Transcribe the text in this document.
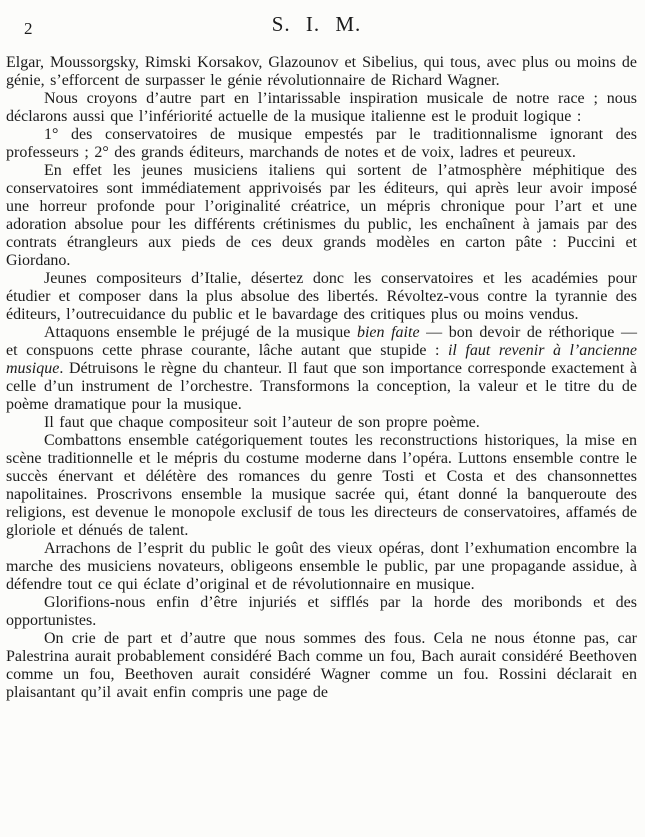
2	S. I. M.

Elgar, Moussorgsky, Rimski Korsakov, Glazounov et Sibelius, qui tous, avec plus ou moins de génie, s’efforcent de surpasser le génie révolutionnaire de Richard Wagner.

Nous croyons d’autre part en l’intarissable inspiration musicale de notre race ; nous déclarons aussi que l’infériorité actuelle de la musique italienne est le produit logique :

1° des conservatoires de musique empestés par le traditionnalisme ignorant des professeurs ; 2° des grands éditeurs, marchands de notes et de voix, ladres et peureux.

En effet les jeunes musiciens italiens qui sortent de l’atmosphère méphitique des conservatoires sont immédiatement apprivoisés par les éditeurs, qui après leur avoir imposé une horreur profonde pour l’originalité créatrice, un mépris chronique pour l’art et une adoration absolue pour les différents crétinismes du public, les enchaînent à jamais par des contrats étrangleurs aux pieds de ces deux grands modèles en carton pâte : Puccini et Giordano.

Jeunes compositeurs d’Italie, désertez donc les conservatoires et les académies pour étudier et composer dans la plus absolue des libertés. Révoltez-vous contre la tyrannie des éditeurs, l’outrecuidance du public et le bavardage des critiques plus ou moins vendus.

Attaquons ensemble le préjugé de la musique bien faite — bon devoir de réthorique — et conspuons cette phrase courante, lâche autant que stupide : il faut revenir à l’ancienne musique. Détruisons le règne du chanteur. Il faut que son importance corresponde exactement à celle d’un instrument de l’orchestre. Transformons la conception, la valeur et le titre du de poème dramatique pour la musique.

Il faut que chaque compositeur soit l’auteur de son propre poème.

Combattons ensemble catégoriquement toutes les reconstructions historiques, la mise en scène traditionnelle et le mépris du costume moderne dans l’opéra. Luttons ensemble contre le succès énervant et délétère des romances du genre Tosti et Costa et des chansonnettes napolitaines. Proscrivons ensemble la musique sacrée qui, étant donné la banqueroute des religions, est devenue le monopole exclusif de tous les directeurs de conservatoires, affamés de gloriole et dénués de talent.

Arrachons de l’esprit du public le goût des vieux opéras, dont l’exhumation encombre la marche des musiciens novateurs, obligeons ensemble le public, par une propagande assidue, à défendre tout ce qui éclate d’original et de révolutionnaire en musique.

Glorifions-nous enfin d’être injuriés et sifflés par la horde des moribonds et des opportunistes.

On crie de part et d’autre que nous sommes des fous. Cela ne nous étonne pas, car Palestrina aurait probablement considéré Bach comme un fou, Bach aurait considéré Beethoven comme un fou, Beethoven aurait considéré Wagner comme un fou. Rossini déclarait en plaisantant qu’il avait enfin compris une page de
